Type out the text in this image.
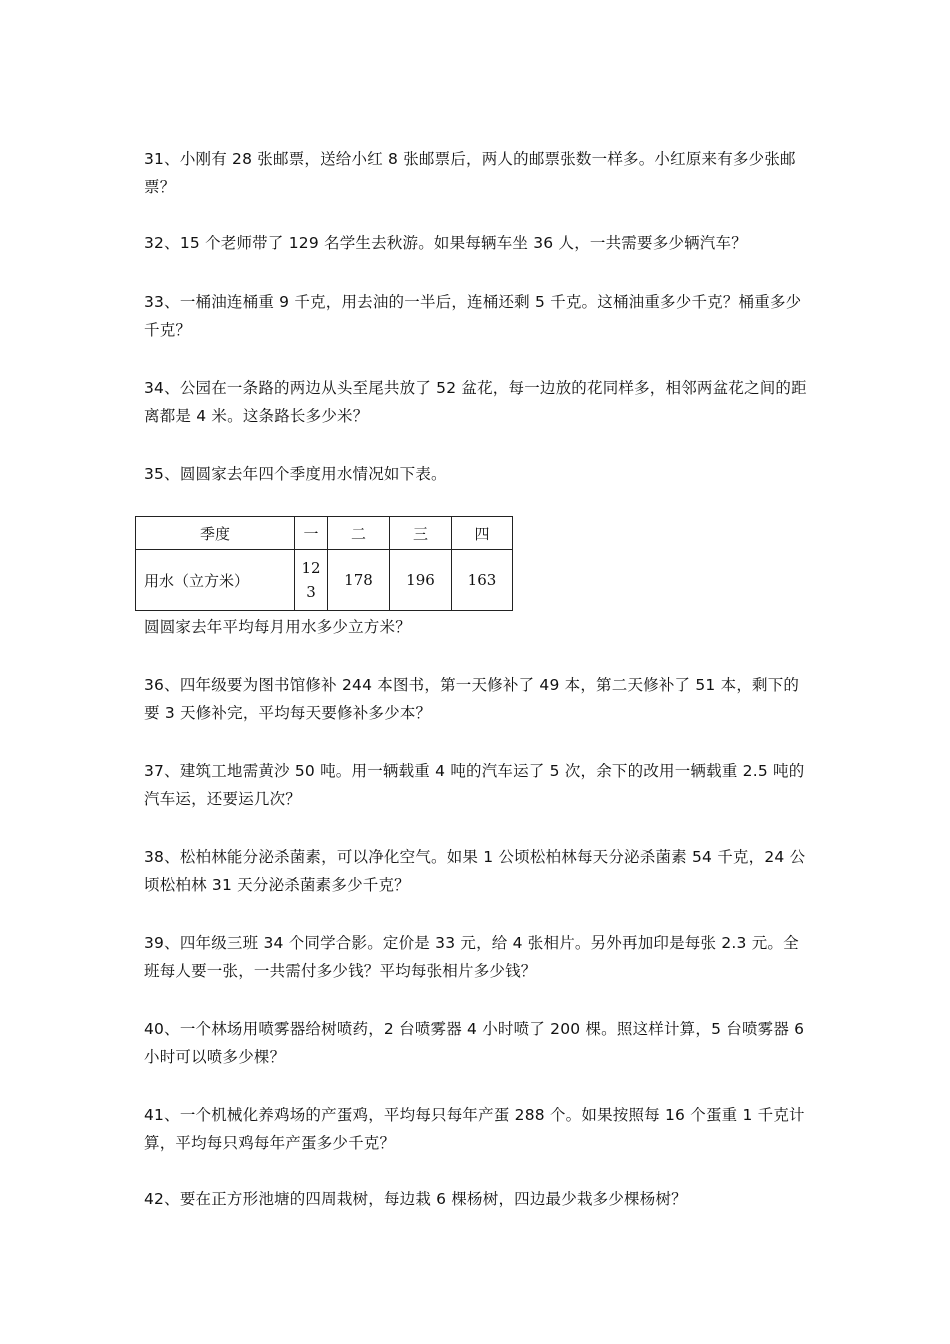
31、小刚有 28 张邮票，送给小红 8 张邮票后，两人的邮票张数一样多。小红原来有多少张邮票？

32、15 个老师带了 129 名学生去秋游。如果每辆车坐 36 人，一共需要多少辆汽车？

33、一桶油连桶重 9 千克，用去油的一半后，连桶还剩 5 千克。这桶油重多少千克？桶重多少千克？

34、公园在一条路的两边从头至尾共放了 52 盆花，每一边放的花同样多，相邻两盆花之间的距离都是 4 米。这条路长多少米？

35、圆圆家去年四个季度用水情况如下表。

季度	一	二	三	四
用水（立方米）	123	178	196	163

圆圆家去年平均每月用水多少立方米？

36、四年级要为图书馆修补 244 本图书，第一天修补了 49 本，第二天修补了 51 本，剩下的要 3 天修补完，平均每天要修补多少本？

37、建筑工地需黄沙 50 吨。用一辆载重 4 吨的汽车运了 5 次，余下的改用一辆载重 2.5 吨的汽车运，还要运几次？

38、松柏林能分泌杀菌素，可以净化空气。如果 1 公顷松柏林每天分泌杀菌素 54 千克，24 公顷松柏林 31 天分泌杀菌素多少千克？

39、四年级三班 34 个同学合影。定价是 33 元，给 4 张相片。另外再加印是每张 2.3 元。全班每人要一张，一共需付多少钱？平均每张相片多少钱？

40、一个林场用喷雾器给树喷药，2 台喷雾器 4 小时喷了 200 棵。照这样计算，5 台喷雾器 6 小时可以喷多少棵？

41、一个机械化养鸡场的产蛋鸡，平均每只每年产蛋 288 个。如果按照每 16 个蛋重 1 千克计算，平均每只鸡每年产蛋多少千克？

42、要在正方形池塘的四周栽树，每边栽 6 棵杨树，四边最少栽多少棵杨树？
